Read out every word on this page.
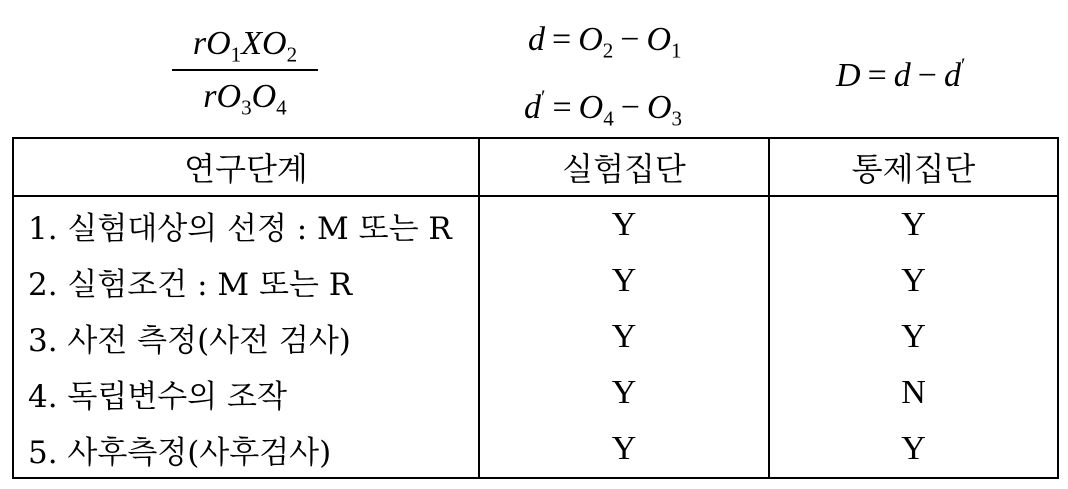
$rO_1XO_2$
$rO_3O_4$
$d = O_2 - O_1$
$d' = O_4 - O_3$
D = d − d′
연구단계	실험집단	통제집단
1. 실험대상의 선정 : M 또는 R	Y	Y
2. 실험조건 : M 또는 R	Y	Y
3. 사전 측정(사전 검사)	Y	Y
4. 독립변수의 조작	Y	N
5. 사후측정(사후검사)	Y	Y
